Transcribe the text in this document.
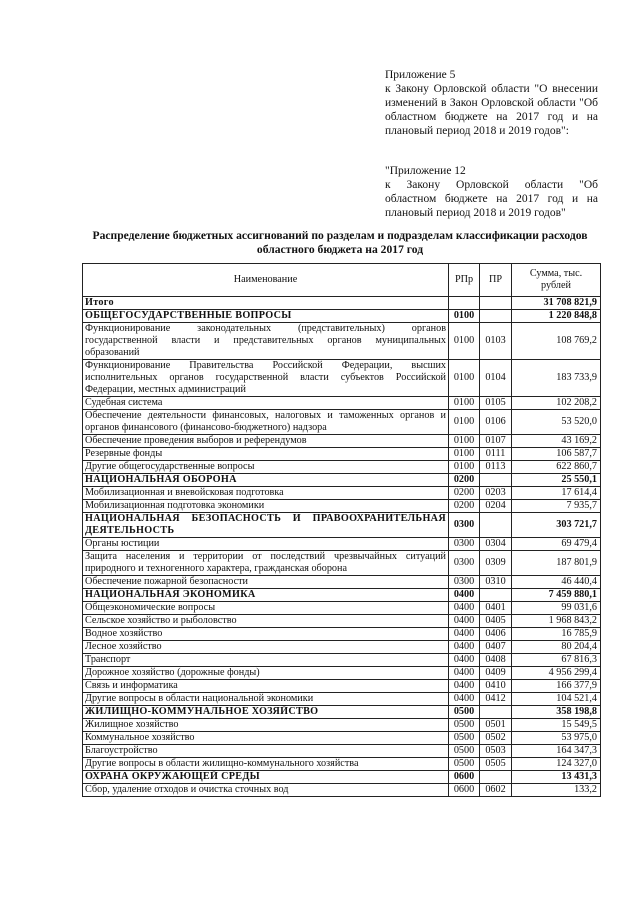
Приложение 5
к Закону Орловской области "О внесении изменений в Закон Орловской области "Об областном бюджете на 2017 год и на плановый период 2018 и 2019 годов":
"Приложение 12
к Закону Орловской области "Об областном бюджете на 2017 год и на плановый период 2018 и 2019 годов"
Распределение бюджетных ассигнований по разделам и подразделам классификации расходов областного бюджета на 2017 год
Наименование	РПр	ПР	Сумма, тыс. рублей
Итого			31 708 821,9
ОБЩЕГОСУДАРСТВЕННЫЕ ВОПРОСЫ	0100		1 220 848,8
Функционирование законодательных (представительных) органов государственной власти и представительных органов муниципальных образований	0100	0103	108 769,2
Функционирование Правительства Российской Федерации, высших исполнительных органов государственной власти субъектов Российской Федерации, местных администраций	0100	0104	183 733,9
Судебная система	0100	0105	102 208,2
Обеспечение деятельности финансовых, налоговых и таможенных органов и органов финансового (финансово-бюджетного) надзора	0100	0106	53 520,0
Обеспечение проведения выборов и референдумов	0100	0107	43 169,2
Резервные фонды	0100	0111	106 587,7
Другие общегосударственные вопросы	0100	0113	622 860,7
НАЦИОНАЛЬНАЯ ОБОРОНА	0200		25 550,1
Мобилизационная и вневойсковая подготовка	0200	0203	17 614,4
Мобилизационная подготовка экономики	0200	0204	7 935,7
НАЦИОНАЛЬНАЯ БЕЗОПАСНОСТЬ И ПРАВООХРАНИТЕЛЬНАЯ ДЕЯТЕЛЬНОСТЬ	0300		303 721,7
Органы юстиции	0300	0304	69 479,4
Защита населения и территории от последствий чрезвычайных ситуаций природного и техногенного характера, гражданская оборона	0300	0309	187 801,9
Обеспечение пожарной безопасности	0300	0310	46 440,4
НАЦИОНАЛЬНАЯ ЭКОНОМИКА	0400		7 459 880,1
Общеэкономические вопросы	0400	0401	99 031,6
Сельское хозяйство и рыболовство	0400	0405	1 968 843,2
Водное хозяйство	0400	0406	16 785,9
Лесное хозяйство	0400	0407	80 204,4
Транспорт	0400	0408	67 816,3
Дорожное хозяйство (дорожные фонды)	0400	0409	4 956 299,4
Связь и информатика	0400	0410	166 377,9
Другие вопросы в области национальной экономики	0400	0412	104 521,4
ЖИЛИЩНО-КОММУНАЛЬНОЕ ХОЗЯЙСТВО	0500		358 198,8
Жилищное хозяйство	0500	0501	15 549,5
Коммунальное хозяйство	0500	0502	53 975,0
Благоустройство	0500	0503	164 347,3
Другие вопросы в области жилищно-коммунального хозяйства	0500	0505	124 327,0
ОХРАНА ОКРУЖАЮЩЕЙ СРЕДЫ	0600		13 431,3
Сбор, удаление отходов и очистка сточных вод	0600	0602	133,2
